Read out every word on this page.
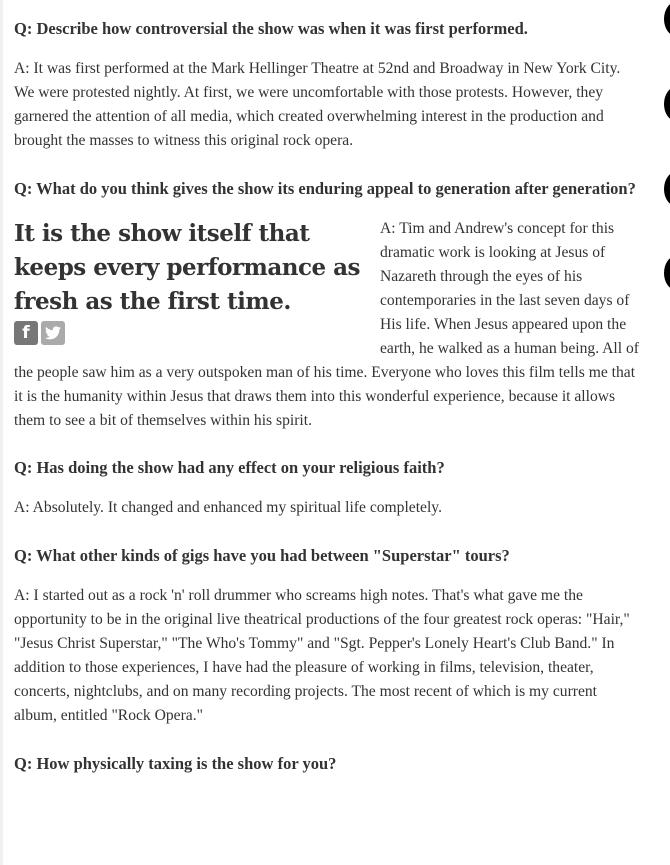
Q: Describe how controversial the show was when it was first performed.

A: It was first performed at the Mark Hellinger Theatre at 52nd and Broadway in New York City. We were protested nightly. At first, we were uncomfortable with those protests. However, they garnered the attention of all media, which created overwhelming interest in the production and brought the masses to witness this original rock opera.

Q: What do you think gives the show its enduring appeal to generation after generation?

It is the show itself that keeps every performance as fresh as the first time.

f

A: Tim and Andrew's concept for this dramatic work is looking at Jesus of Nazareth through the eyes of his contemporaries in the last seven days of His life. When Jesus appeared upon the earth, he walked as a human being. All of the people saw him as a very outspoken man of his time. Everyone who loves this film tells me that it is the humanity within Jesus that draws them into this wonderful experience, because it allows them to see a bit of themselves within his spirit.

Q: Has doing the show had any effect on your religious faith?

A: Absolutely. It changed and enhanced my spiritual life completely.

Q: What other kinds of gigs have you had between "Superstar" tours?

A: I started out as a rock 'n' roll drummer who screams high notes. That's what gave me the opportunity to be in the original live theatrical productions of the four greatest rock operas: "Hair," "Jesus Christ Superstar," "The Who's Tommy" and "Sgt. Pepper's Lonely Heart's Club Band." In addition to those experiences, I have had the pleasure of working in films, television, theater, concerts, nightclubs, and on many recording projects. The most recent of which is my current album, entitled "Rock Opera."

Q: How physically taxing is the show for you?
